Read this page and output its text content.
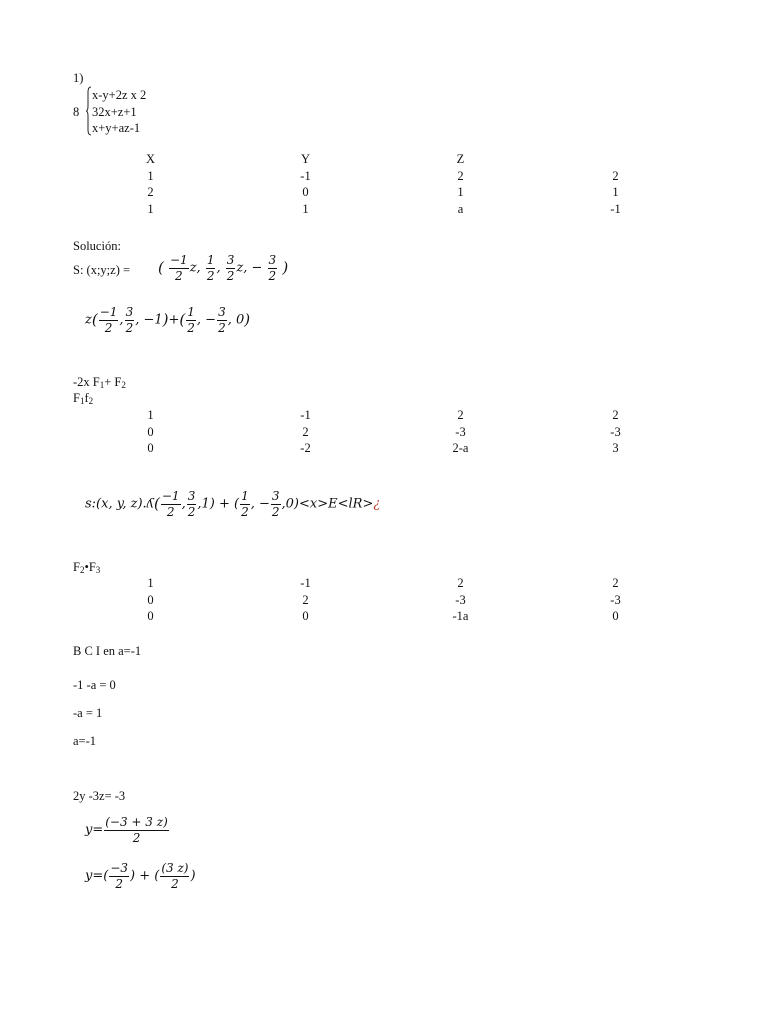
1)
8
x-y+2z x 2
32x+z+1
x+y+az-1
X	Y	Z	
1	-1	2	2
2	0	1	1
1	1	a	-1
Solución:
S: (x;y;z) = ( $\frac{-1}{2} z$, $\frac{1}{2}$ , $\frac{3}{2} z$, − $\frac{3}{2}$ )
$z( \frac{-1}{2}$ , $\frac{3}{2}$ , $-1)+( \frac{1}{2}$ , − $\frac{3}{2}$ , 0)
-2x $F_1+ F_2$
$F_1f_2$
1	-1	2	2
0	2	-3	-3
0	-2	2-a	3
s:(x, y, z).ʎ( $\frac{-1}{2}$ , $\frac{3}{2} ,1$) + ( $\frac{1}{2}$ , − $\frac{3}{2}$ ,0)<x>E<lR>¿
$F_2•F_3$
1	-1	2	2
0	2	-3	-3
0	0	-1a	0
B C I en a=-1
-1 -a = 0
-a = 1
a=-1
2y -3z= -3
$y= \frac{(-3 + 3 z)}{2}$
$y=( \frac{-3}{2}$ ) + ( $\frac{(3 z)}{2}$ )
